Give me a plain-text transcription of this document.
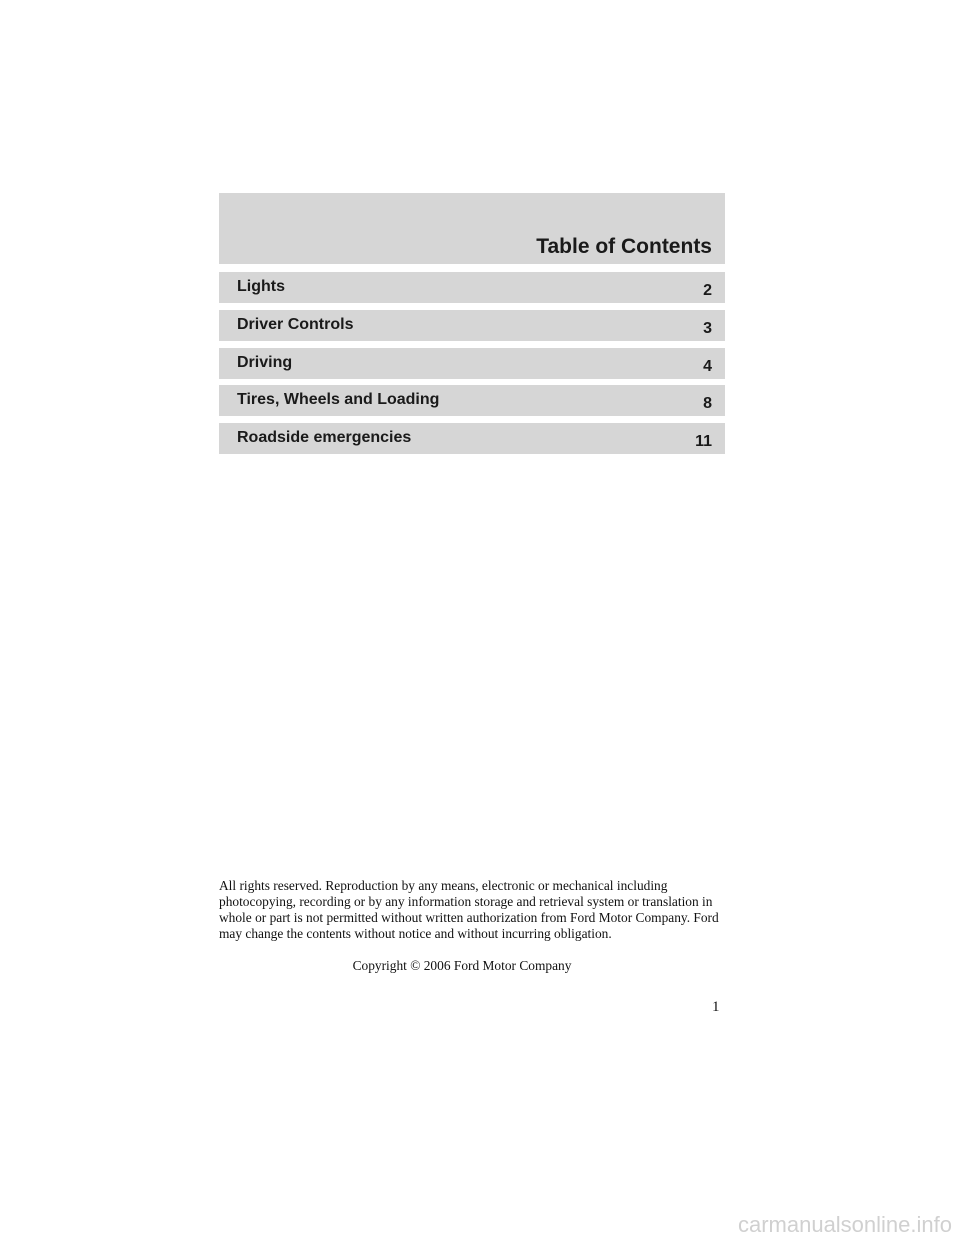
Table of Contents
Lights	2
Driver Controls	3
Driving	4
Tires, Wheels and Loading	8
Roadside emergencies	11

All rights reserved. Reproduction by any means, electronic or mechanical including photocopying, recording or by any information storage and retrieval system or translation in whole or part is not permitted without written authorization from Ford Motor Company. Ford may change the contents without notice and without incurring obligation.

Copyright © 2006 Ford Motor Company

1
carmanualsonline.info
